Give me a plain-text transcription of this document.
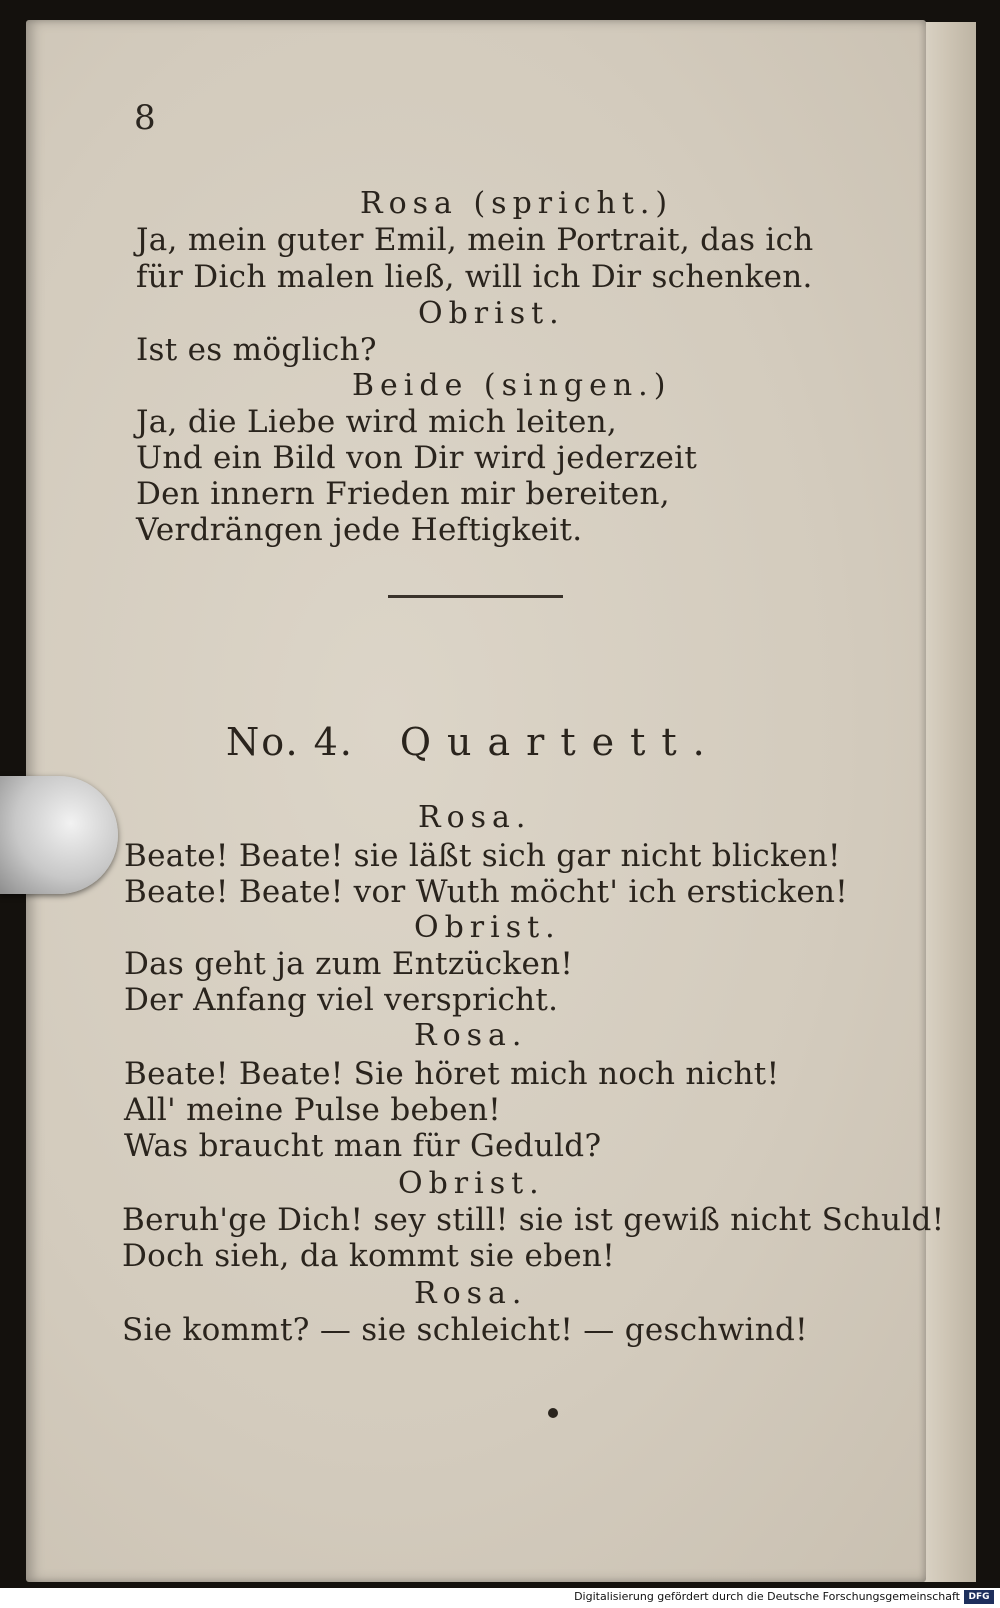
8
Rosa (spricht.)
Ja, mein guter Emil, mein Portrait, das ich
für Dich malen ließ, will ich Dir schenken.
Obrist.
Ist es möglich?
Beide (singen.)
Ja, die Liebe wird mich leiten,
Und ein Bild von Dir wird jederzeit
Den innern Frieden mir bereiten,
Verdrängen jede Heftigkeit.
No. 4. Quartett.
Rosa.
Beate! Beate! sie läßt sich gar nicht blicken!
Beate! Beate! vor Wuth möcht' ich ersticken!
Obrist.
Das geht ja zum Entzücken!
Der Anfang viel verspricht.
Rosa.
Beate! Beate! Sie höret mich noch nicht!
All' meine Pulse beben!
Was braucht man für Geduld?
Obrist.
Beruh'ge Dich! sey still! sie ist gewiß nicht Schuld!
Doch sieh, da kommt sie eben!
Rosa.
Sie kommt? — sie schleicht! — geschwind!
Digitalisierung gefördert durch die Deutsche Forschungsgemeinschaft DFG
